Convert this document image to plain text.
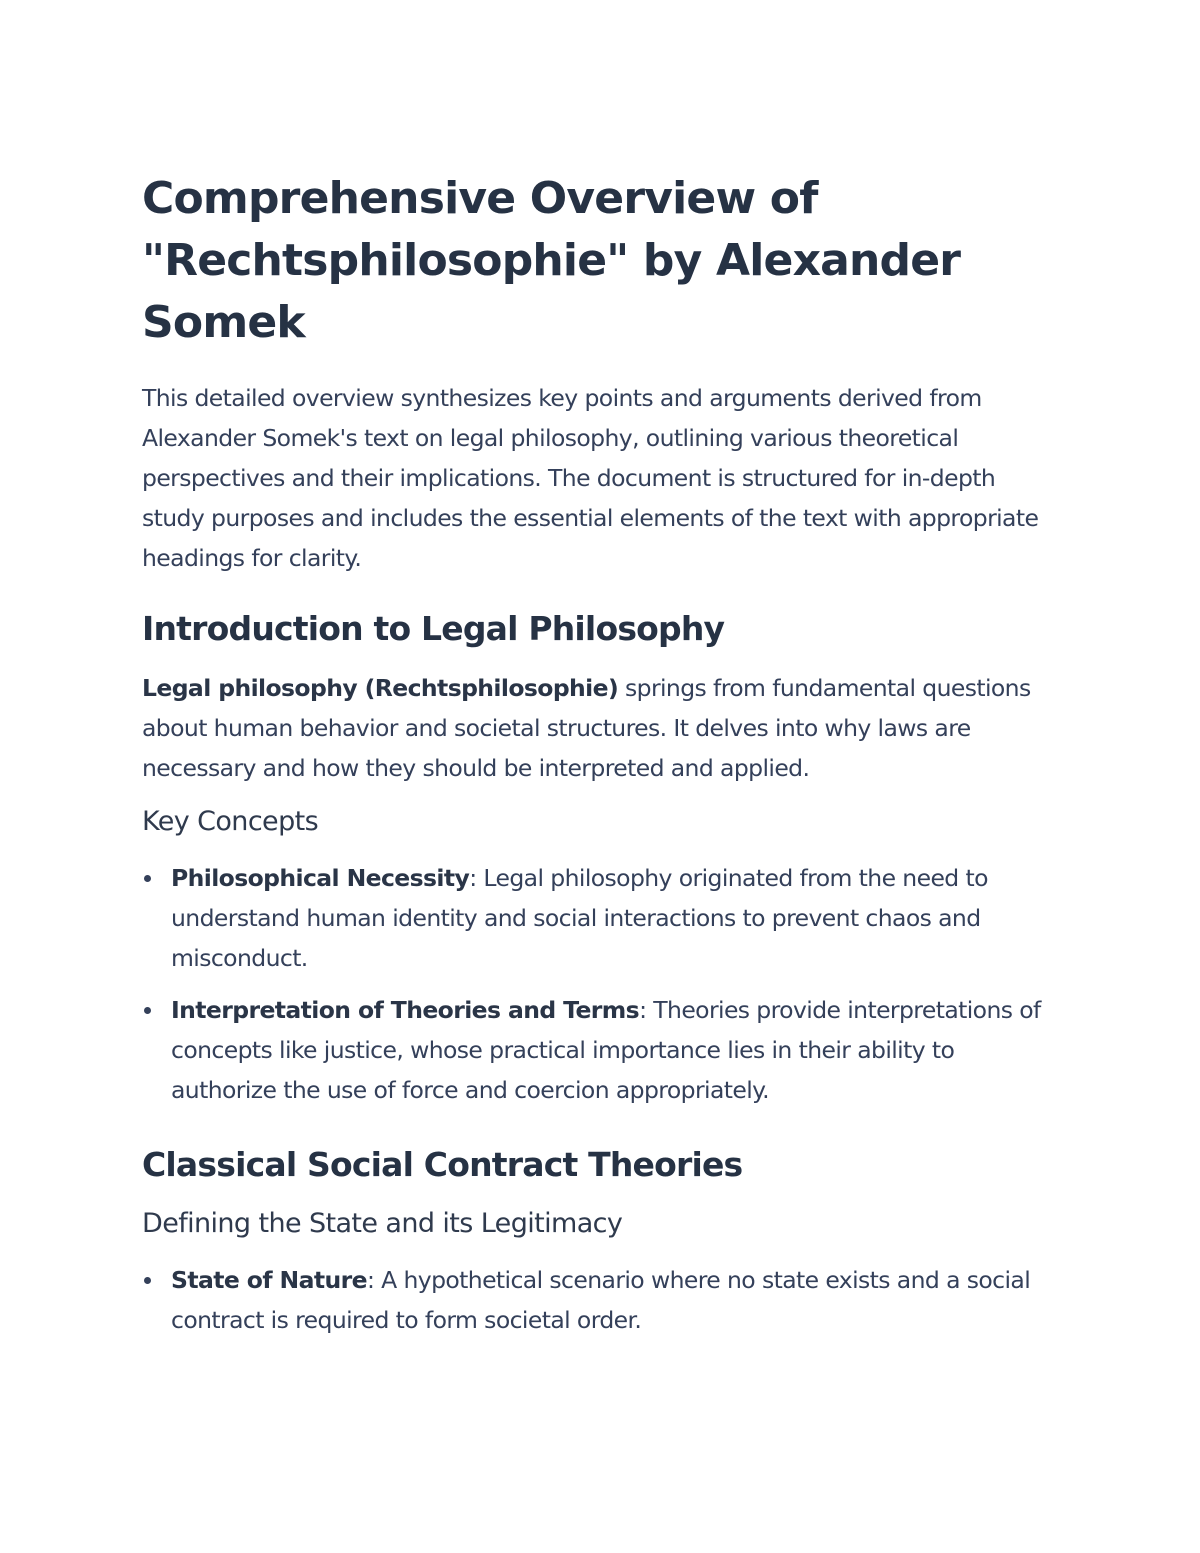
Comprehensive Overview of "Rechtsphilosophie" by Alexander Somek

This detailed overview synthesizes key points and arguments derived from Alexander Somek's text on legal philosophy, outlining various theoretical perspectives and their implications. The document is structured for in-depth study purposes and includes the essential elements of the text with appropriate headings for clarity.

Introduction to Legal Philosophy

Legal philosophy (Rechtsphilosophie) springs from fundamental questions about human behavior and societal structures. It delves into why laws are necessary and how they should be interpreted and applied.

Key Concepts
Philosophical Necessity: Legal philosophy originated from the need to understand human identity and social interactions to prevent chaos and misconduct.
Interpretation of Theories and Terms: Theories provide interpretations of concepts like justice, whose practical importance lies in their ability to authorize the use of force and coercion appropriately.
Classical Social Contract Theories
Defining the State and its Legitimacy
State of Nature: A hypothetical scenario where no state exists and a social contract is required to form societal order.
